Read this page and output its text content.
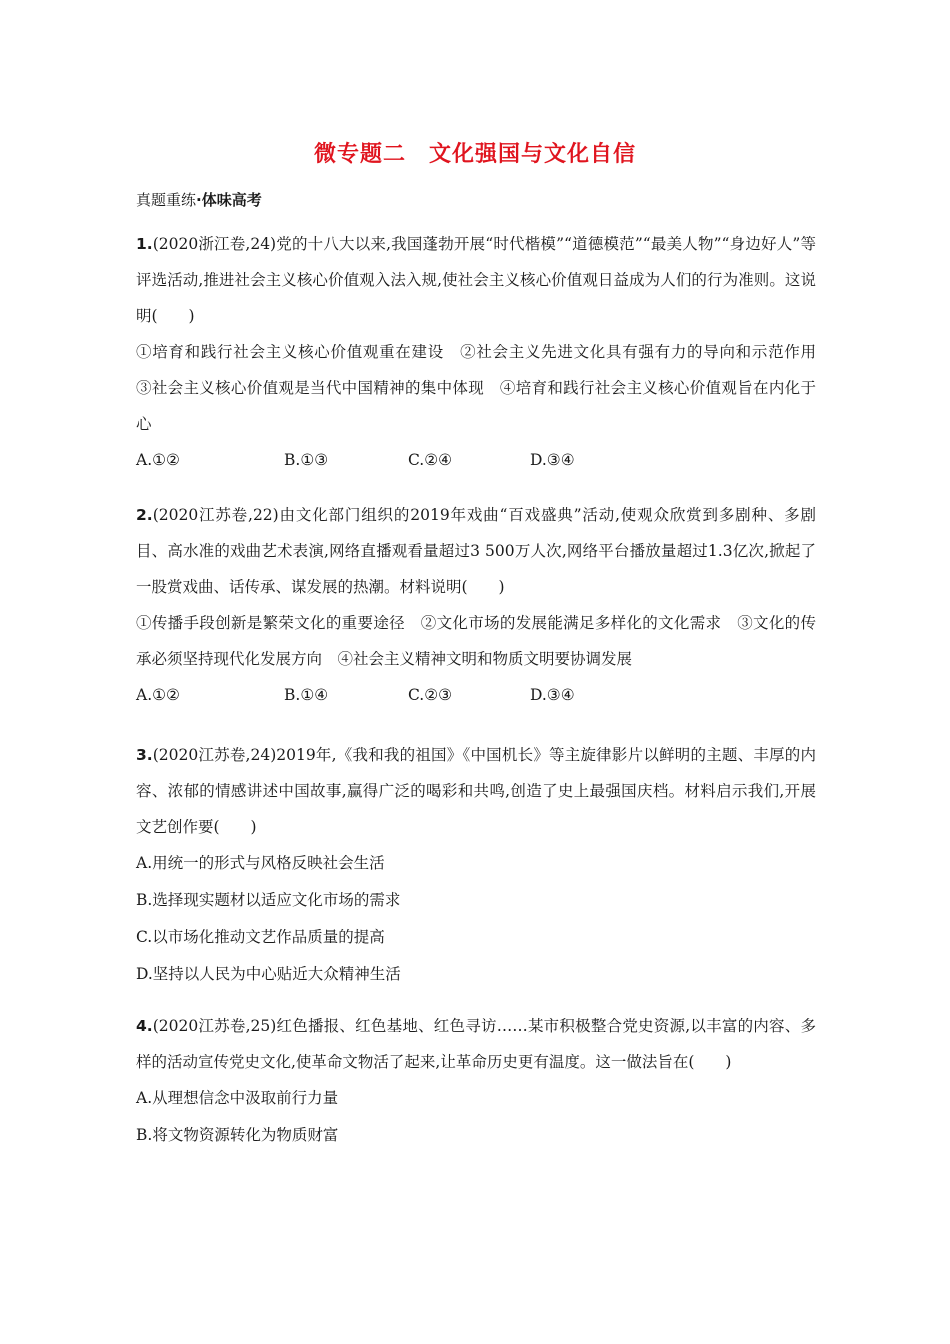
微专题二　文化强国与文化自信
真题重练·体味高考
1.(2020浙江卷,24)党的十八大以来,我国蓬勃开展“时代楷模”“道德模范”“最美人物”“身边好人”等评选活动,推进社会主义核心价值观入法入规,使社会主义核心价值观日益成为人们的行为准则。这说明(　　)
①培育和践行社会主义核心价值观重在建设　②社会主义先进文化具有强有力的导向和示范作用　③社会主义核心价值观是当代中国精神的集中体现　④培育和践行社会主义核心价值观旨在内化于心
A.①②	B.①③	C.②④	D.③④
2.(2020江苏卷,22)由文化部门组织的2019年戏曲“百戏盛典”活动,使观众欣赏到多剧种、多剧目、高水准的戏曲艺术表演,网络直播观看量超过3 500万人次,网络平台播放量超过1.3亿次,掀起了一股赏戏曲、话传承、谋发展的热潮。材料说明(　　)
①传播手段创新是繁荣文化的重要途径　②文化市场的发展能满足多样化的文化需求　③文化的传承必须坚持现代化发展方向　④社会主义精神文明和物质文明要协调发展
A.①②	B.①④	C.②③	D.③④
3.(2020江苏卷,24)2019年,《我和我的祖国》《中国机长》等主旋律影片以鲜明的主题、丰厚的内容、浓郁的情感讲述中国故事,赢得广泛的喝彩和共鸣,创造了史上最强国庆档。材料启示我们,开展文艺创作要(　　)
A.用统一的形式与风格反映社会生活
B.选择现实题材以适应文化市场的需求
C.以市场化推动文艺作品质量的提高
D.坚持以人民为中心贴近大众精神生活
4.(2020江苏卷,25)红色播报、红色基地、红色寻访……某市积极整合党史资源,以丰富的内容、多样的活动宣传党史文化,使革命文物活了起来,让革命历史更有温度。这一做法旨在(　　)
A.从理想信念中汲取前行力量
B.将文物资源转化为物质财富
